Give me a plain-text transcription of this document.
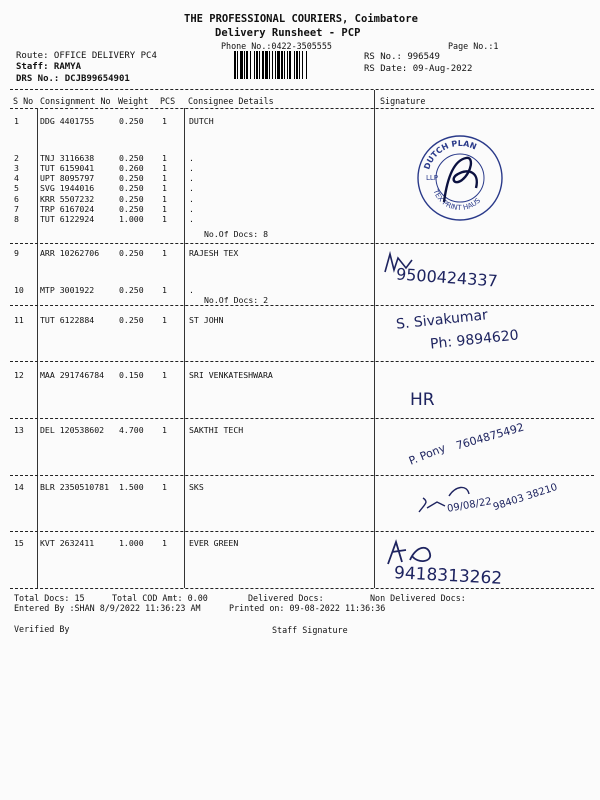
THE PROFESSIONAL COURIERS, Coimbatore
Delivery Runsheet - PCP
Phone No.:0422-3505555	Page No.:1
Route: OFFICE DELIVERY PC4
Staff: RAMYA
DRS No.: DCJB99654901
RS No.: 996549
RS Date: 09-Aug-2022
S No Consignment No Weight PCS Consignee Details	Signature
1	DDG 4401755	0.250 1	DUTCH
2	TNJ 3116638	0.250 1	.
3	TUT 6159041	0.260 1	.
4	UPT 8095797	0.250 1	.
5	SVG 1944016	0.250 1	.
6	KRR 5507232	0.250 1	.
7	TRP 6167024	0.250 1	.
8	TUT 6122924	1.000 1	.
9	ARR 10262706 0.250 1	RAJESH TEX
10 MTP 3001922	0.250 1	.
11 TUT 6122884	0.250 1	ST JOHN
12 MAA 291746784 0.150 1	SRI VENKATESHWARA
13 DEL 120538602 4.700 1	SAKTHI TECH
14 BLR 2350510781 1.500 1	SKS
15 KVT 2632411	1.000 1	EVER GREEN
No.Of Docs: 8
No.Of Docs: 2
DUTCH PLAN
TEX PRINT HAUS
LLP
9500424337
S. Sivakumar
Ph: 9894620
HR
P. Pony
7604875492
09/08/22 98403 38210
9418313262
Total Docs: 15	Total COD Amt: 0.00	Delivered Docs:	Non Delivered Docs:
Entered By :SHAN 8/9/2022 11:36:23 AM	Printed on: 09-08-2022 11:36:36
Verified By	Staff Signature
